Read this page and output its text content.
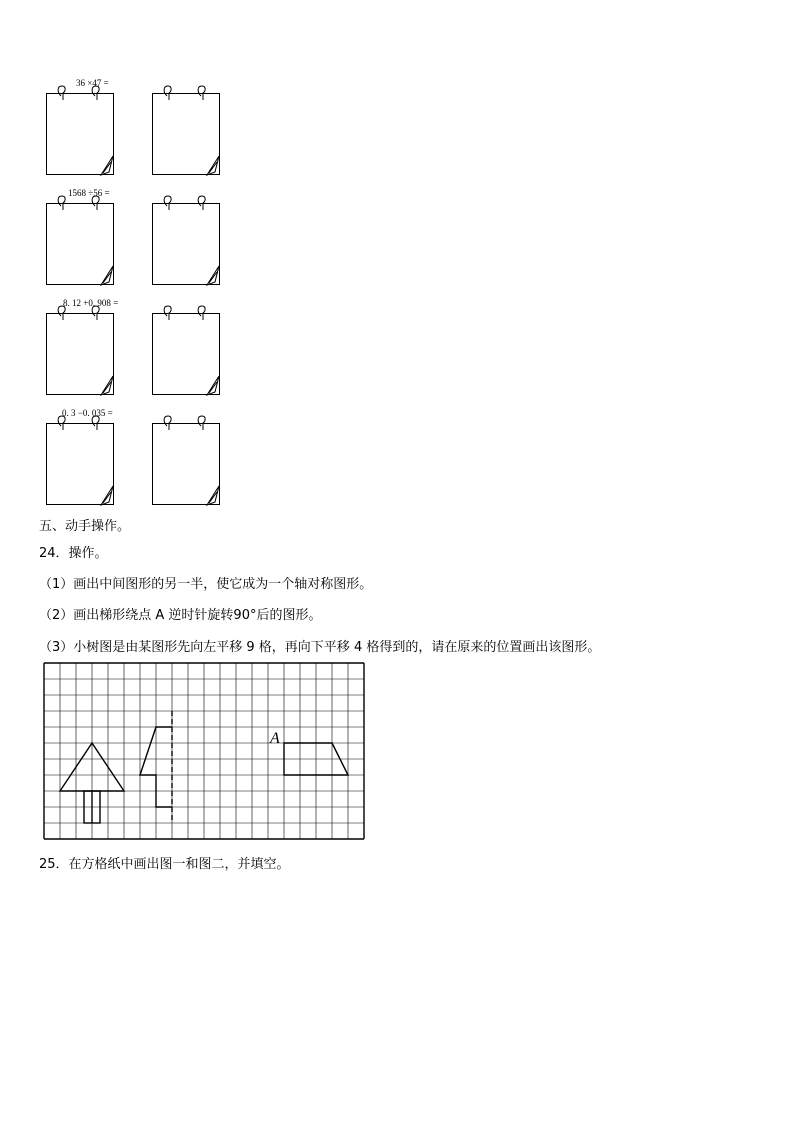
36 ×47 =
1568 ÷56 =
8. 12 +0. 908 =
0. 3 −0. 035 =
五、动手操作。
24．操作。
（1）画出中间图形的另一半，使它成为一个轴对称图形。
（2）画出梯形绕点 A 逆时针旋转90°后的图形。
（3）小树图是由某图形先向左平移 9 格，再向下平移 4 格得到的，请在原来的位置画出该图形。
A
25．在方格纸中画出图一和图二，并填空。
